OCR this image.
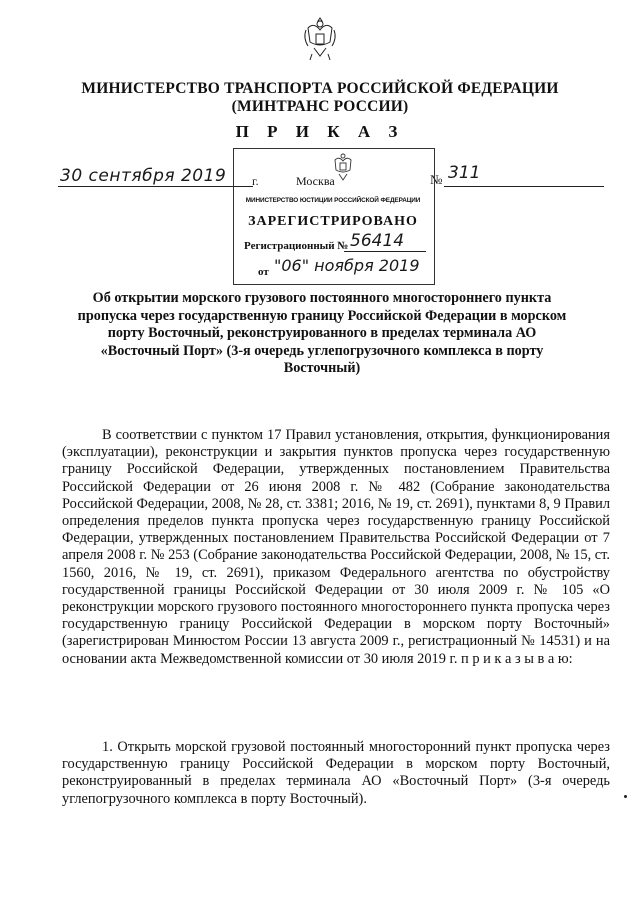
МИНИСТЕРСТВО ТРАНСПОРТА РОССИЙСКОЙ ФЕДЕРАЦИИ
(МИНТРАНС РОССИИ)
П Р И К А З
30 сентября 2019 г.	Москва	№ 311
МИНИСТЕРСТВО ЮСТИЦИИ РОССИЙСКОЙ ФЕДЕРАЦИИ
ЗАРЕГИСТРИРОВАНО
Регистрационный № 56414
от "06" ноября 2019
Об открытии морского грузового постоянного многостороннего пункта пропуска через государственную границу Российской Федерации в морском порту Восточный, реконструированного в пределах терминала АО «Восточный Порт» (3-я очередь углепогрузочного комплекса в порту Восточный)
В соответствии с пунктом 17 Правил установления, открытия, функционирования (эксплуатации), реконструкции и закрытия пунктов пропуска через государственную границу Российской Федерации, утвержденных постановлением Правительства Российской Федерации от 26 июня 2008 г. № 482 (Собрание законодательства Российской Федерации, 2008, № 28, ст. 3381; 2016, № 19, ст. 2691), пунктами 8, 9 Правил определения пределов пункта пропуска через государственную границу Российской Федерации, утвержденных постановлением Правительства Российской Федерации от 7 апреля 2008 г. № 253 (Собрание законодательства Российской Федерации, 2008, № 15, ст. 1560, 2016, № 19, ст. 2691), приказом Федерального агентства по обустройству государственной границы Российской Федерации от 30 июля 2009 г. № 105 «О реконструкции морского грузового постоянного многостороннего пункта пропуска через государственную границу Российской Федерации в морском порту Восточный» (зарегистрирован Минюстом России 13 августа 2009 г., регистрационный № 14531) и на основании акта Межведомственной комиссии от 30 июля 2019 г. п р и к а з ы в а ю:
1. Открыть морской грузовой постоянный многосторонний пункт пропуска через государственную границу Российской Федерации в морском порту Восточный, реконструированный в пределах терминала АО «Восточный Порт» (3-я очередь углепогрузочного комплекса в порту Восточный).
